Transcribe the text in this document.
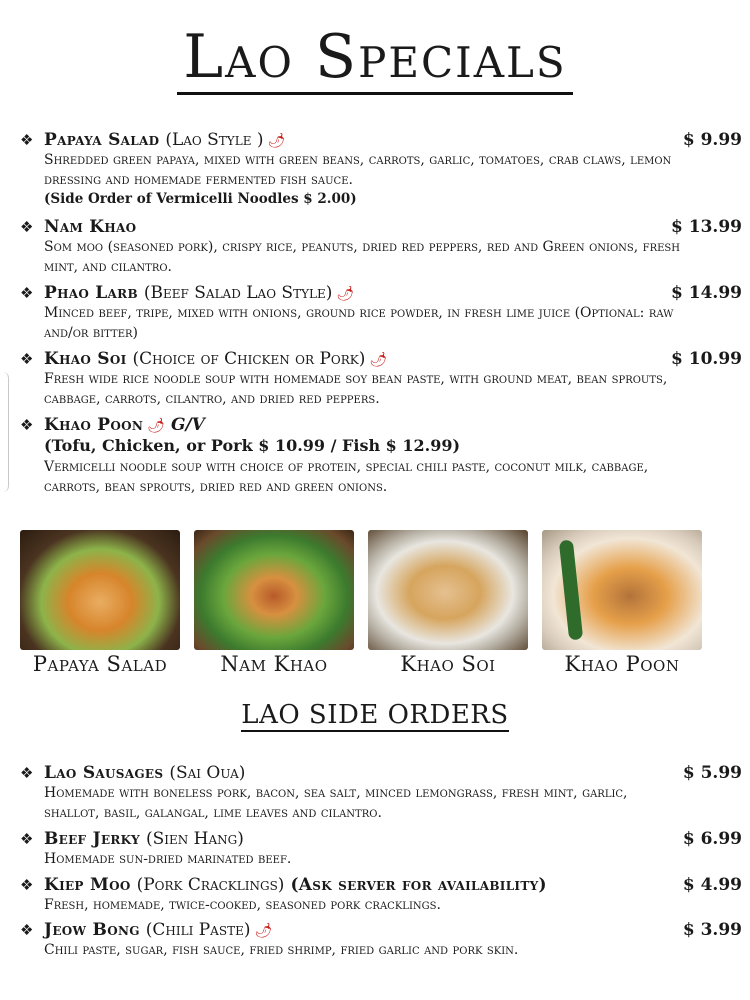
Lao Specials
❖ Papaya Salad (Lao Style ) 🌶	$ 9.99
Shredded green papaya, mixed with green beans, carrots, garlic, tomatoes, crab claws, lemon dressing and homemade fermented fish sauce.
(Side Order of Vermicelli Noodles $ 2.00)
❖ Nam Khao	$ 13.99
Som moo (seasoned pork), crispy rice, peanuts, dried red peppers, red and Green onions, fresh mint, and cilantro.
❖ Phao Larb (Beef Salad Lao Style) 🌶	$ 14.99
Minced beef, tripe, mixed with onions, ground rice powder, in fresh lime juice (Optional: raw and/or bitter)
❖ Khao Soi (Choice of Chicken or Pork) 🌶	$ 10.99
Fresh wide rice noodle soup with homemade soy bean paste, with ground meat, bean sprouts, cabbage, carrots, cilantro, and dried red peppers.
❖ Khao Poon 🌶 G/V
(Tofu, Chicken, or Pork $ 10.99 / Fish $ 12.99)
Vermicelli noodle soup with choice of protein, special chili paste, coconut milk, cabbage, carrots, bean sprouts, dried red and green onions.
Papaya Salad	Nam Khao	Khao Soi	Khao Poon
LAO SIDE ORDERS
❖ Lao Sausages (Sai Oua)	$ 5.99
Homemade with boneless pork, bacon, sea salt, minced lemongrass, fresh mint, garlic, shallot, basil, galangal, lime leaves and cilantro.
❖ Beef Jerky (Sien Hang)	$ 6.99
Homemade sun-dried marinated beef.
❖ Kiep Moo (Pork Cracklings) (Ask server for availability)	$ 4.99
Fresh, homemade, twice-cooked, seasoned pork cracklings.
❖ Jeow Bong (Chili Paste) 🌶	$ 3.99
Chili paste, sugar, fish sauce, fried shrimp, fried garlic and pork skin.
